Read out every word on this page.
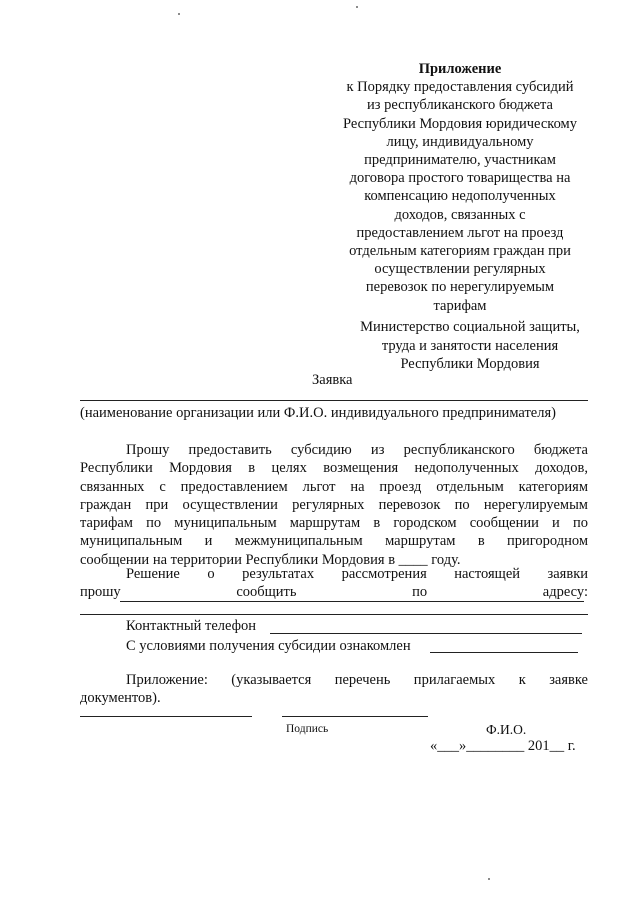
Приложение
к Порядку предоставления субсидий
из республиканского бюджета
Республики Мордовия юридическому
лицу, индивидуальному
предпринимателю, участникам
договора простого товарищества на
компенсацию недополученных
доходов, связанных с
предоставлением льгот на проезд
отдельным категориям граждан при
осуществлении регулярных
перевозок по нерегулируемым
тарифам
Министерство социальной защиты,
труда и занятости населения
Республики Мордовия
Заявка
(наименование организации или Ф.И.О. индивидуального предпринимателя)
Прошу предоставить субсидию из республиканского бюджета
Республики Мордовия в целях возмещения недополученных доходов,
связанных с предоставлением льгот на проезд отдельным категориям
граждан при осуществлении регулярных перевозок по нерегулируемым
тарифам по муниципальным маршрутам в городском сообщении и по
муниципальным и межмуниципальным маршрутам в пригородном
сообщении на территории Республики Мордовия в ____ году.
Решение о результатах рассмотрения настоящей заявки
прошу сообщить по адресу:
Контактный телефон
С условиями получения субсидии ознакомлен
Приложение: (указывается перечень прилагаемых к заявке
документов).
Подпись	Ф.И.О.
«___»________ 201__ г.
